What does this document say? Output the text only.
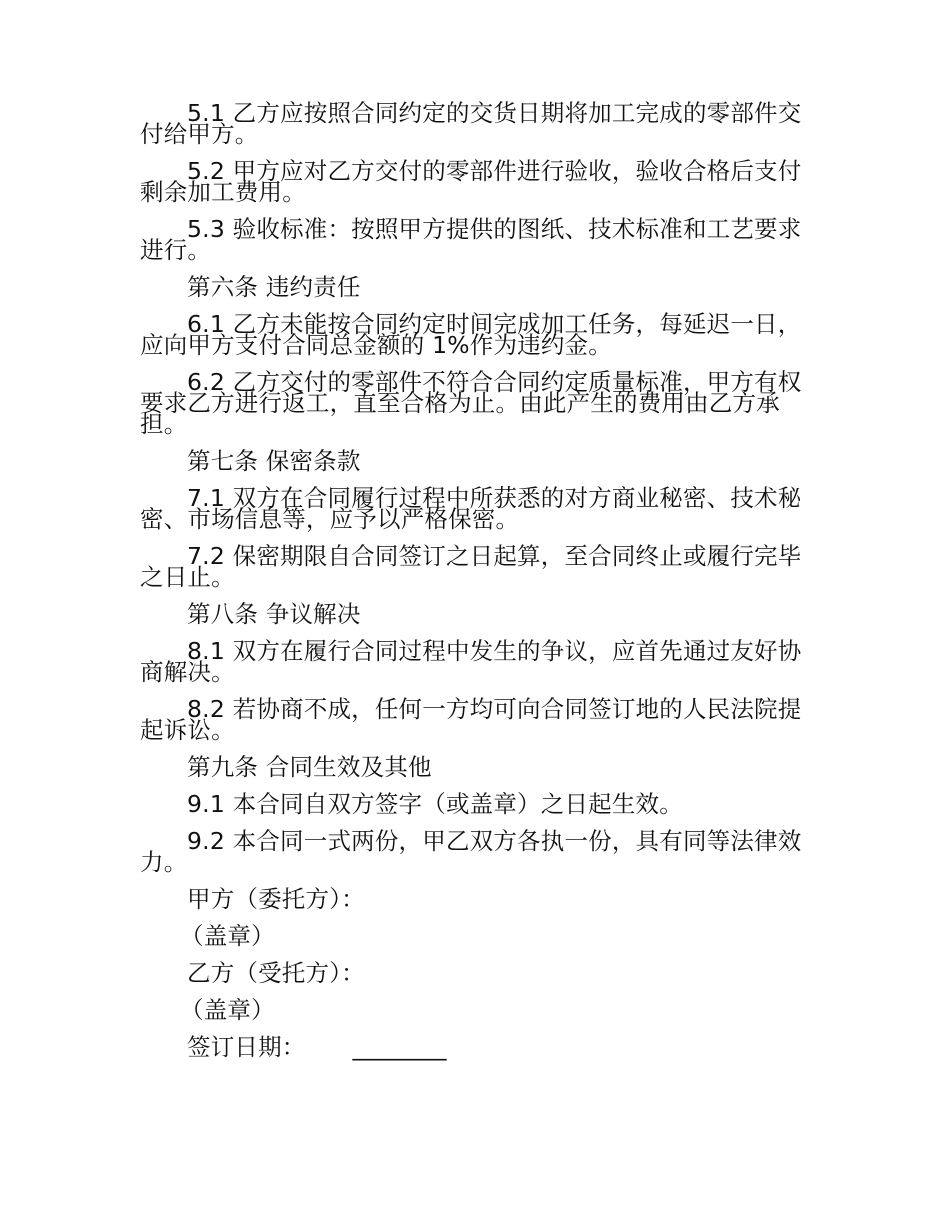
5.1 乙方应按照合同约定的交货日期将加工完成的零部件交付给甲方。

5.2 甲方应对乙方交付的零部件进行验收，验收合格后支付剩余加工费用。

5.3 验收标准：按照甲方提供的图纸、技术标准和工艺要求进行。

第六条 违约责任

6.1 乙方未能按合同约定时间完成加工任务，每延迟一日，应向甲方支付合同总金额的 1%作为违约金。

6.2 乙方交付的零部件不符合合同约定质量标准，甲方有权要求乙方进行返工，直至合格为止。由此产生的费用由乙方承担。

第七条 保密条款

7.1 双方在合同履行过程中所获悉的对方商业秘密、技术秘密、市场信息等，应予以严格保密。

7.2 保密期限自合同签订之日起算，至合同终止或履行完毕之日止。

第八条 争议解决

8.1 双方在履行合同过程中发生的争议，应首先通过友好协商解决。

8.2 若协商不成，任何一方均可向合同签订地的人民法院提起诉讼。

第九条 合同生效及其他

9.1 本合同自双方签字（或盖章）之日起生效。

9.2 本合同一式两份，甲乙双方各执一份，具有同等法律效力。

甲方（委托方）：

（盖章）

乙方（受托方）：

（盖章）

签订日期： ________
